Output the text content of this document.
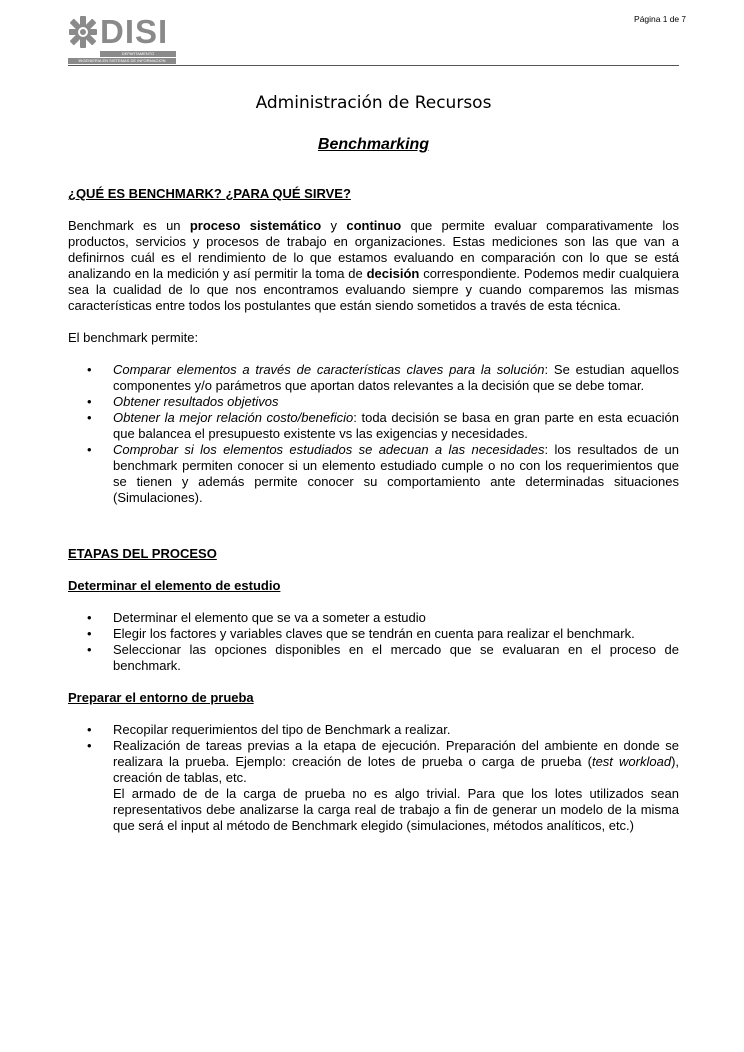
DISI
DEPARTAMENTO
INGENIERIA EN SISTEMAS DE INFORMACION
Página 1 de 7
Administración de Recursos
Benchmarking

¿QUÉ ES BENCHMARK? ¿PARA QUÉ SIRVE?

Benchmark es un proceso sistemático y continuo que permite evaluar comparativamente los productos, servicios y procesos de trabajo en organizaciones. Estas mediciones son las que van a definirnos cuál es el rendimiento de lo que estamos evaluando en comparación con lo que se está analizando en la medición y así permitir la toma de decisión correspondiente. Podemos medir cualquiera sea la cualidad de lo que nos encontramos evaluando siempre y cuando comparemos las mismas características entre todos los postulantes que están siendo sometidos a través de esta técnica.

El benchmark permite:

• Comparar elementos a través de características claves para la solución: Se estudian aquellos componentes y/o parámetros que aportan datos relevantes a la decisión que se debe tomar.
• Obtener resultados objetivos
• Obtener la mejor relación costo/beneficio: toda decisión se basa en gran parte en esta ecuación que balancea el presupuesto existente vs las exigencias y necesidades.
• Comprobar si los elementos estudiados se adecuan a las necesidades: los resultados de un benchmark permiten conocer si un elemento estudiado cumple o no con los requerimientos que se tienen y además permite conocer su comportamiento ante determinadas situaciones (Simulaciones).

ETAPAS DEL PROCESO

Determinar el elemento de estudio

• Determinar el elemento que se va a someter a estudio
• Elegir los factores y variables claves que se tendrán en cuenta para realizar el benchmark.
• Seleccionar las opciones disponibles en el mercado que se evaluaran en el proceso de benchmark.

Preparar el entorno de prueba

• Recopilar requerimientos del tipo de Benchmark a realizar.
• Realización de tareas previas a la etapa de ejecución. Preparación del ambiente en donde se realizara la prueba. Ejemplo: creación de lotes de prueba o carga de prueba (test workload), creación de tablas, etc.
El armado de de la carga de prueba no es algo trivial. Para que los lotes utilizados sean representativos debe analizarse la carga real de trabajo a fin de generar un modelo de la misma que será el input al método de Benchmark elegido (simulaciones, métodos analíticos, etc.)
